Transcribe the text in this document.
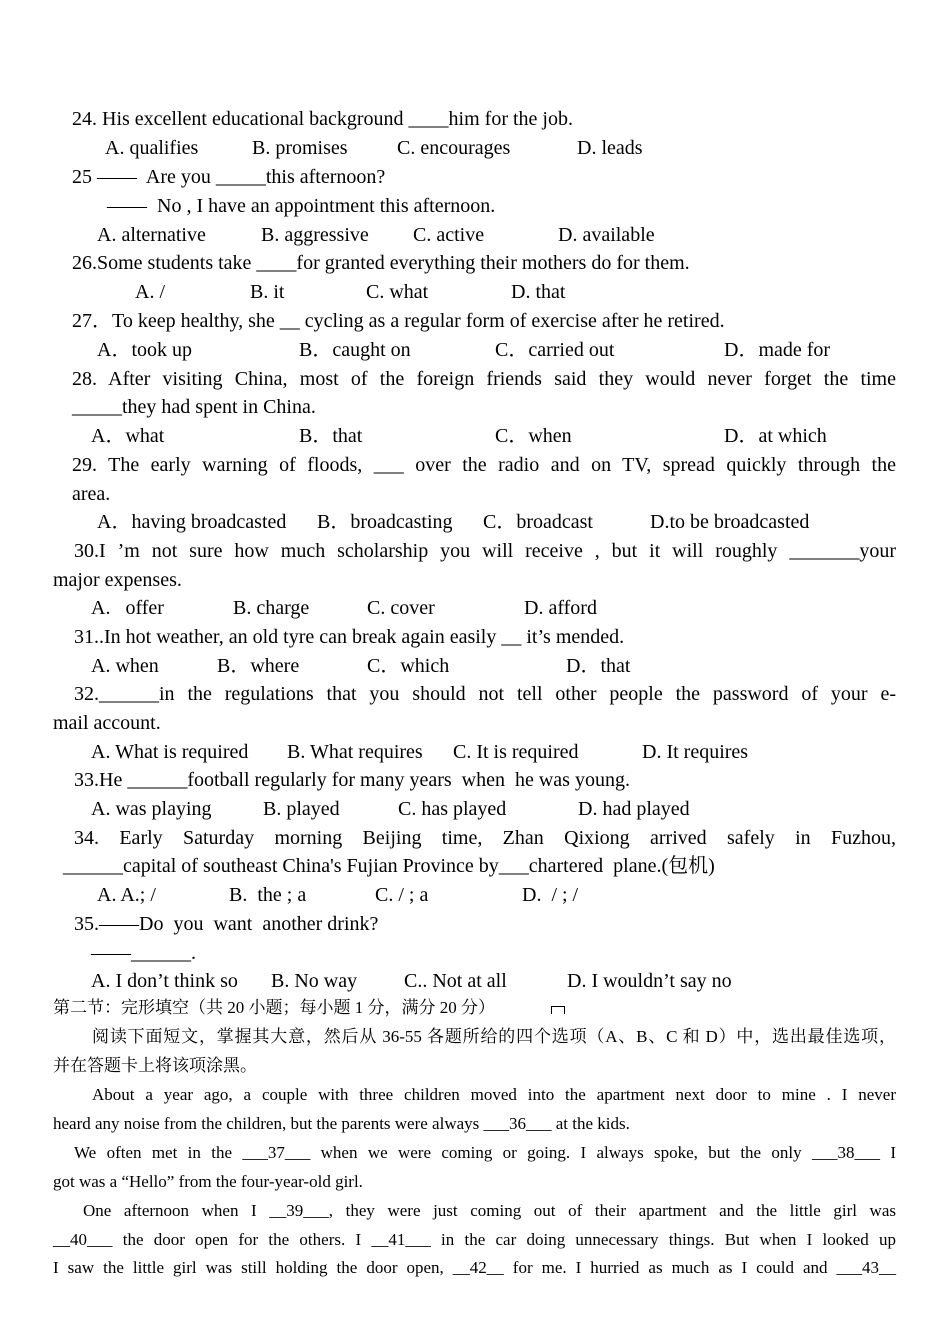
24. His excellent educational background ____him for the job.
A. qualifies	B. promises C. encourages	D. leads
25 ——  Are you _____this afternoon?
——  No , I have an appointment this afternoon.
A. alternative	B. aggressive C. active	D. available
26.Some students take ____for granted everything their mothers do for them.
A. /	B. it	C. what	D. that
27．To keep healthy, she __ cycling as a regular form of exercise after he retired.
A．took up	B．caught on	C．carried out	D．made for
28. After visiting China, most of the foreign friends said they would never forget the time
_____they had spent in China.
A．what	B．that	C．when	D．at which
29. The early warning of floods, ___ over the radio and on TV, spread quickly through the
area.
A．having broadcasted B．broadcasting C．broadcast	D.to be broadcasted
30.I ’m not sure how much scholarship you will receive , but it will roughly _______your
major expenses.
A.   offer	B. charge	C. cover	D. afford
31..In hot weather, an old tyre can break again easily __ it’s mended.
A. when	B．where	C．which	D．that
32.______in the regulations that you should not tell other people the password of your e-
mail account.
A. What is required B. What requires C. It is required	D. It requires
33.He ______football regularly for many years  when  he was young.
A. was playing	B. played	C. has played	D. had played
34. Early Saturday morning Beijing time, Zhan Qixiong arrived safely in Fuzhou,
______capital of southeast China's Fujian Province by___chartered  plane.(包机)
A. A.; /	B.  the ; a	C. / ; a	D.  / ; /
35.——Do  you  want  another drink?
——______.
A. I don’t think so B. No way C.. Not at all	D. I wouldn’t say no
第二节：完形填空（共 20 小题；每小题 1 分，满分 20 分）
阅读下面短文，掌握其大意，然后从 36-55 各题所给的四个选项（A、B、C 和 D）中，选出最佳选项，
并在答题卡上将该项涂黑。
About a year ago, a couple with three children moved into the apartment next door to mine . I never
heard any noise from the children, but the parents were always ___36___ at the kids.
We often met in the ___37___ when we were coming or going. I always spoke, but the only ___38___ I
got was a “Hello” from the four-year-old girl.
One afternoon when I __39___, they were just coming out of their apartment and the little girl was
__40___ the door open for the others. I __41___ in the car doing unnecessary things. But when I looked up
I saw the little girl was still holding the door open, __42__ for me. I hurried as much as I could and ___43__
